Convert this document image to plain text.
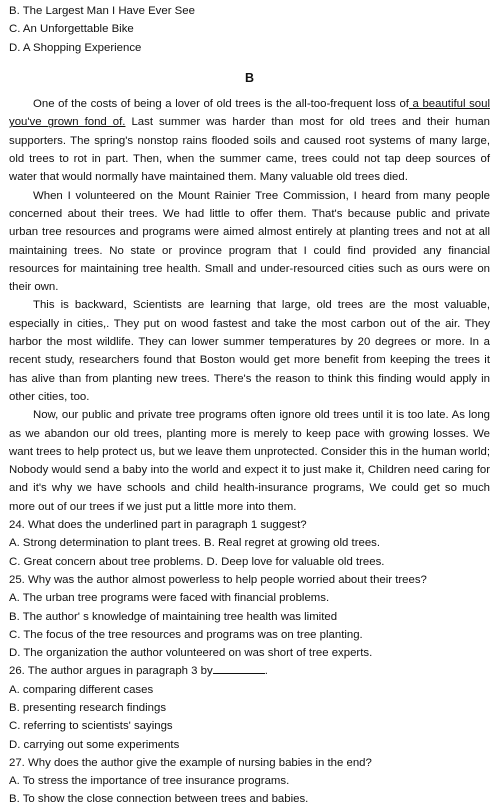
B. The Largest Man I Have Ever See
C. An Unforgettable Bike
D. A Shopping Experience
B

One of the costs of being a lover of old trees is the all-too-frequent loss of a beautiful soul you've grown fond of. Last summer was harder than most for old trees and their human supporters. The spring's nonstop rains flooded soils and caused root systems of many large, old trees to rot in part. Then, when the summer came, trees could not tap deep sources of water that would normally have maintained them. Many valuable old trees died.

When I volunteered on the Mount Rainier Tree Commission, I heard from many people concerned about their trees. We had little to offer them. That's because public and private urban tree resources and programs were aimed almost entirely at planting trees and not at all maintaining trees. No state or province program that I could find provided any financial resources for maintaining tree health. Small and under-resourced cities such as ours were on their own.

This is backward, Scientists are learning that large, old trees are the most valuable, especially in cities,. They put on wood fastest and take the most carbon out of the air. They harbor the most wildlife. They can lower summer temperatures by 20 degrees or more. In a recent study, researchers found that Boston would get more benefit from keeping the trees it has alive than from planting new trees. There's the reason to think this finding would apply in other cities, too.

Now, our public and private tree programs often ignore old trees until it is too late. As long as we abandon our old trees, planting more is merely to keep pace with growing losses. We want trees to help protect us, but we leave them unprotected. Consider this in the human world; Nobody would send a baby into the world and expect it to just make it, Children need caring for and it's why we have schools and child health-insurance programs, We could get so much more out of our trees if we just put a little more into them.

24. What does the underlined part in paragraph 1 suggest?
A. Strong determination to plant trees. B. Real regret at growing old trees.
C. Great concern about tree problems. D. Deep love for valuable old trees.
25. Why was the author almost powerless to help people worried about their trees?
A. The urban tree programs were faced with financial problems.
B. The author' s knowledge of maintaining tree health was limited
C. The focus of the tree resources and programs was on tree planting.
D. The organization the author volunteered on was short of tree experts.
26. The author argues in paragraph 3 by	.
A. comparing different cases
B. presenting research findings
C. referring to scientists' sayings
D. carrying out some experiments
27. Why does the author give the example of nursing babies in the end?
A. To stress the importance of tree insurance programs.
B. To show the close connection between trees and babies.
